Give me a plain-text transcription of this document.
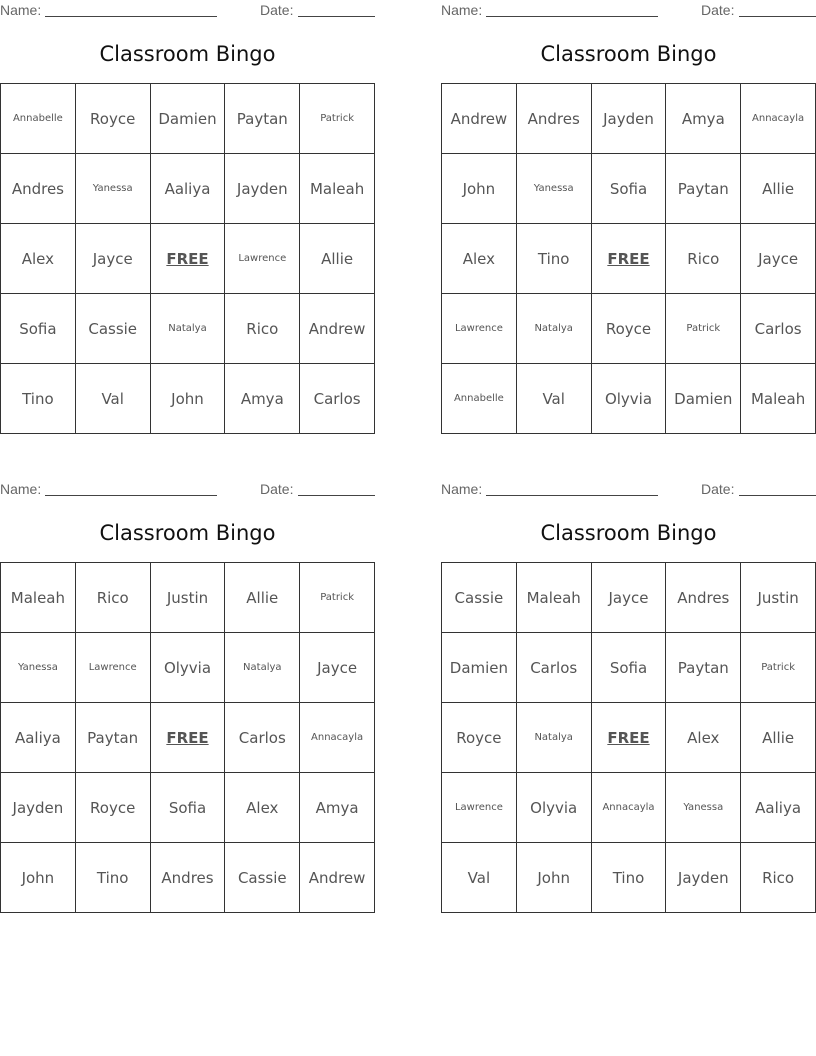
Name:	Date:
Classroom Bingo
Annabelle	Royce	Damien	Paytan	Patrick
Andres	Yanessa	Aaliya	Jayden	Maleah
Alex	Jayce	FREE	Lawrence	Allie
Sofia	Cassie	Natalya	Rico	Andrew
Tino	Val	John	Amya	Carlos
Name:	Date:
Classroom Bingo
Andrew	Andres	Jayden	Amya	Annacayla
John	Yanessa	Sofia	Paytan	Allie
Alex	Tino	FREE	Rico	Jayce
Lawrence	Natalya	Royce	Patrick	Carlos
Annabelle	Val	Olyvia	Damien	Maleah
Name:	Date:
Classroom Bingo
Maleah	Rico	Justin	Allie	Patrick
Yanessa	Lawrence	Olyvia	Natalya	Jayce
Aaliya	Paytan	FREE	Carlos	Annacayla
Jayden	Royce	Sofia	Alex	Amya
John	Tino	Andres	Cassie	Andrew
Name:	Date:
Classroom Bingo
Cassie	Maleah	Jayce	Andres	Justin
Damien	Carlos	Sofia	Paytan	Patrick
Royce	Natalya	FREE	Alex	Allie
Lawrence	Olyvia	Annacayla	Yanessa	Aaliya
Val	John	Tino	Jayden	Rico
